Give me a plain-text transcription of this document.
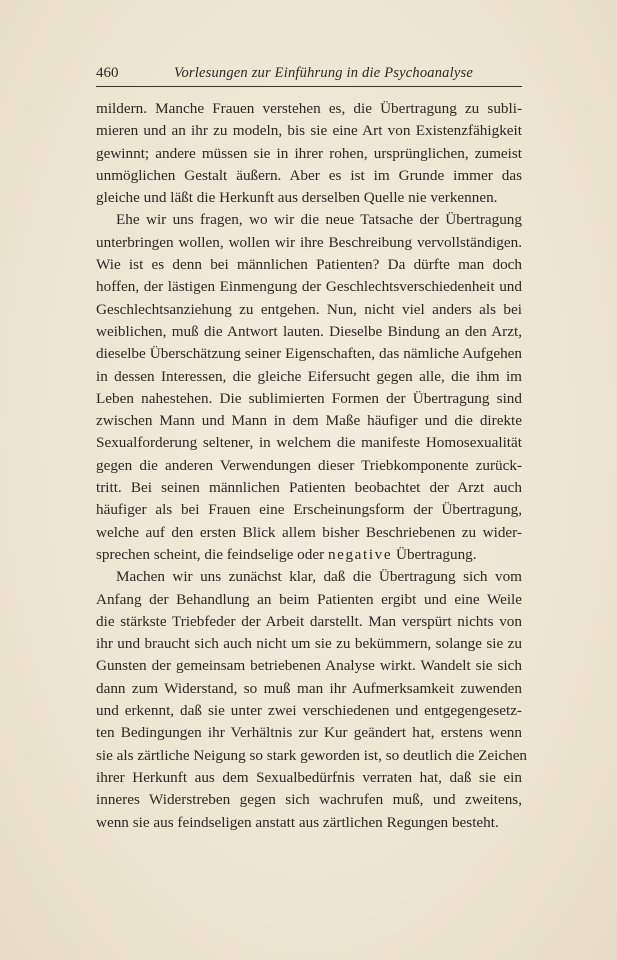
460	Vorlesungen zur Einführung in die Psychoanalyse
mildern. Manche Frauen verstehen es, die Übertragung zu subli-
mieren und an ihr zu modeln, bis sie eine Art von Existenzfähigkeit
gewinnt; andere müssen sie in ihrer rohen, ursprünglichen, zumeist
unmöglichen Gestalt äußern. Aber es ist im Grunde immer das
gleiche und läßt die Herkunft aus derselben Quelle nie verkennen.
Ehe wir uns fragen, wo wir die neue Tatsache der Übertragung
unterbringen wollen, wollen wir ihre Beschreibung vervollständigen.
Wie ist es denn bei männlichen Patienten? Da dürfte man doch
hoffen, der lästigen Einmengung der Geschlechtsverschiedenheit und
Geschlechtsanziehung zu entgehen. Nun, nicht viel anders als bei
weiblichen, muß die Antwort lauten. Dieselbe Bindung an den Arzt,
dieselbe Überschätzung seiner Eigenschaften, das nämliche Aufgehen
in dessen Interessen, die gleiche Eifersucht gegen alle, die ihm im
Leben nahestehen. Die sublimierten Formen der Übertragung sind
zwischen Mann und Mann in dem Maße häufiger und die direkte
Sexualforderung seltener, in welchem die manifeste Homosexualität
gegen die anderen Verwendungen dieser Triebkomponente zurück-
tritt. Bei seinen männlichen Patienten beobachtet der Arzt auch
häufiger als bei Frauen eine Erscheinungsform der Übertragung,
welche auf den ersten Blick allem bisher Beschriebenen zu wider-
sprechen scheint, die feindselige oder negative Übertragung.
Machen wir uns zunächst klar, daß die Übertragung sich vom
Anfang der Behandlung an beim Patienten ergibt und eine Weile
die stärkste Triebfeder der Arbeit darstellt. Man verspürt nichts von
ihr und braucht sich auch nicht um sie zu bekümmern, solange sie zu
Gunsten der gemeinsam betriebenen Analyse wirkt. Wandelt sie sich
dann zum Widerstand, so muß man ihr Aufmerksamkeit zuwenden
und erkennt, daß sie unter zwei verschiedenen und entgegengesetz-
ten Bedingungen ihr Verhältnis zur Kur geändert hat, erstens wenn
sie als zärtliche Neigung so stark geworden ist, so deutlich die Zeichen
ihrer Herkunft aus dem Sexualbedürfnis verraten hat, daß sie ein
inneres Widerstreben gegen sich wachrufen muß, und zweitens,
wenn sie aus feindseligen anstatt aus zärtlichen Regungen besteht.
